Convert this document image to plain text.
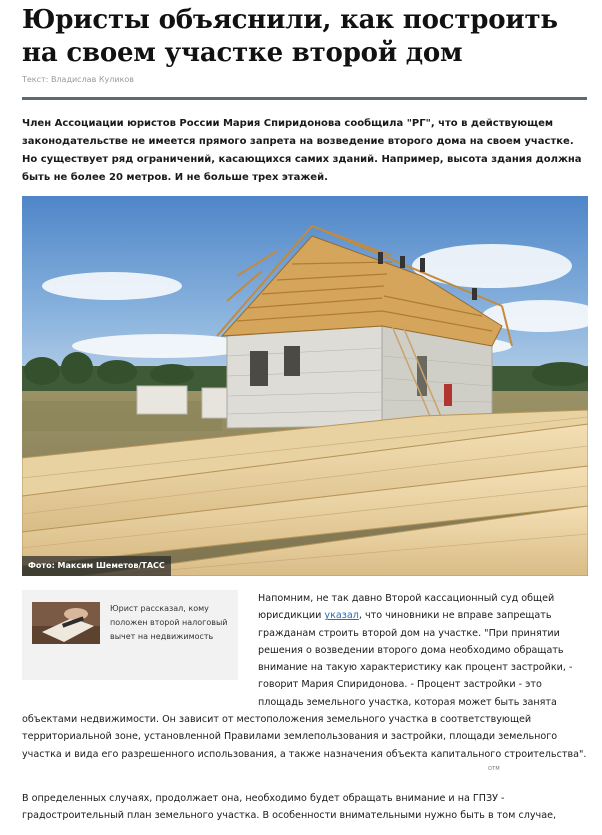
Юристы объяснили, как построить на своем участке второй дом
Текст: Владислав Куликов

Член Ассоциации юристов России Мария Спиридонова сообщила "РГ", что в действующем законодательстве не имеется прямого запрета на возведение второго дома на своем участке. Но существует ряд ограничений, касающихся самих зданий. Например, высота здания должна быть не более 20 метров. И не больше трех этажей.

Фото: Максим Шеметов/ТАСС
Юрист рассказал, кому положен второй налоговый вычет на недвижимость

Напомним, не так давно Второй кассационный суд общей юрисдикции указал, что чиновники не вправе запрещать гражданам строить второй дом на участке. "При принятии решения о возведении второго дома необходимо обращать внимание на такую характеристику как процент застройки, - говорит Мария Спиридонова. - Процент застройки - это площадь земельного участка, которая может быть занята

объектами недвижимости. Он зависит от местоположения земельного участка в соответствующей территориальной зоне, установленной Правилами землепользования и застройки, площади земельного участка и вида его разрешенного использования, а также назначения объекта капитального строительства".

ОТМ

В определенных случаях, продолжает она, необходимо будет обращать внимание и на ГПЗУ - градостроительный план земельного участка. В особенности внимательными нужно быть в том случае,
